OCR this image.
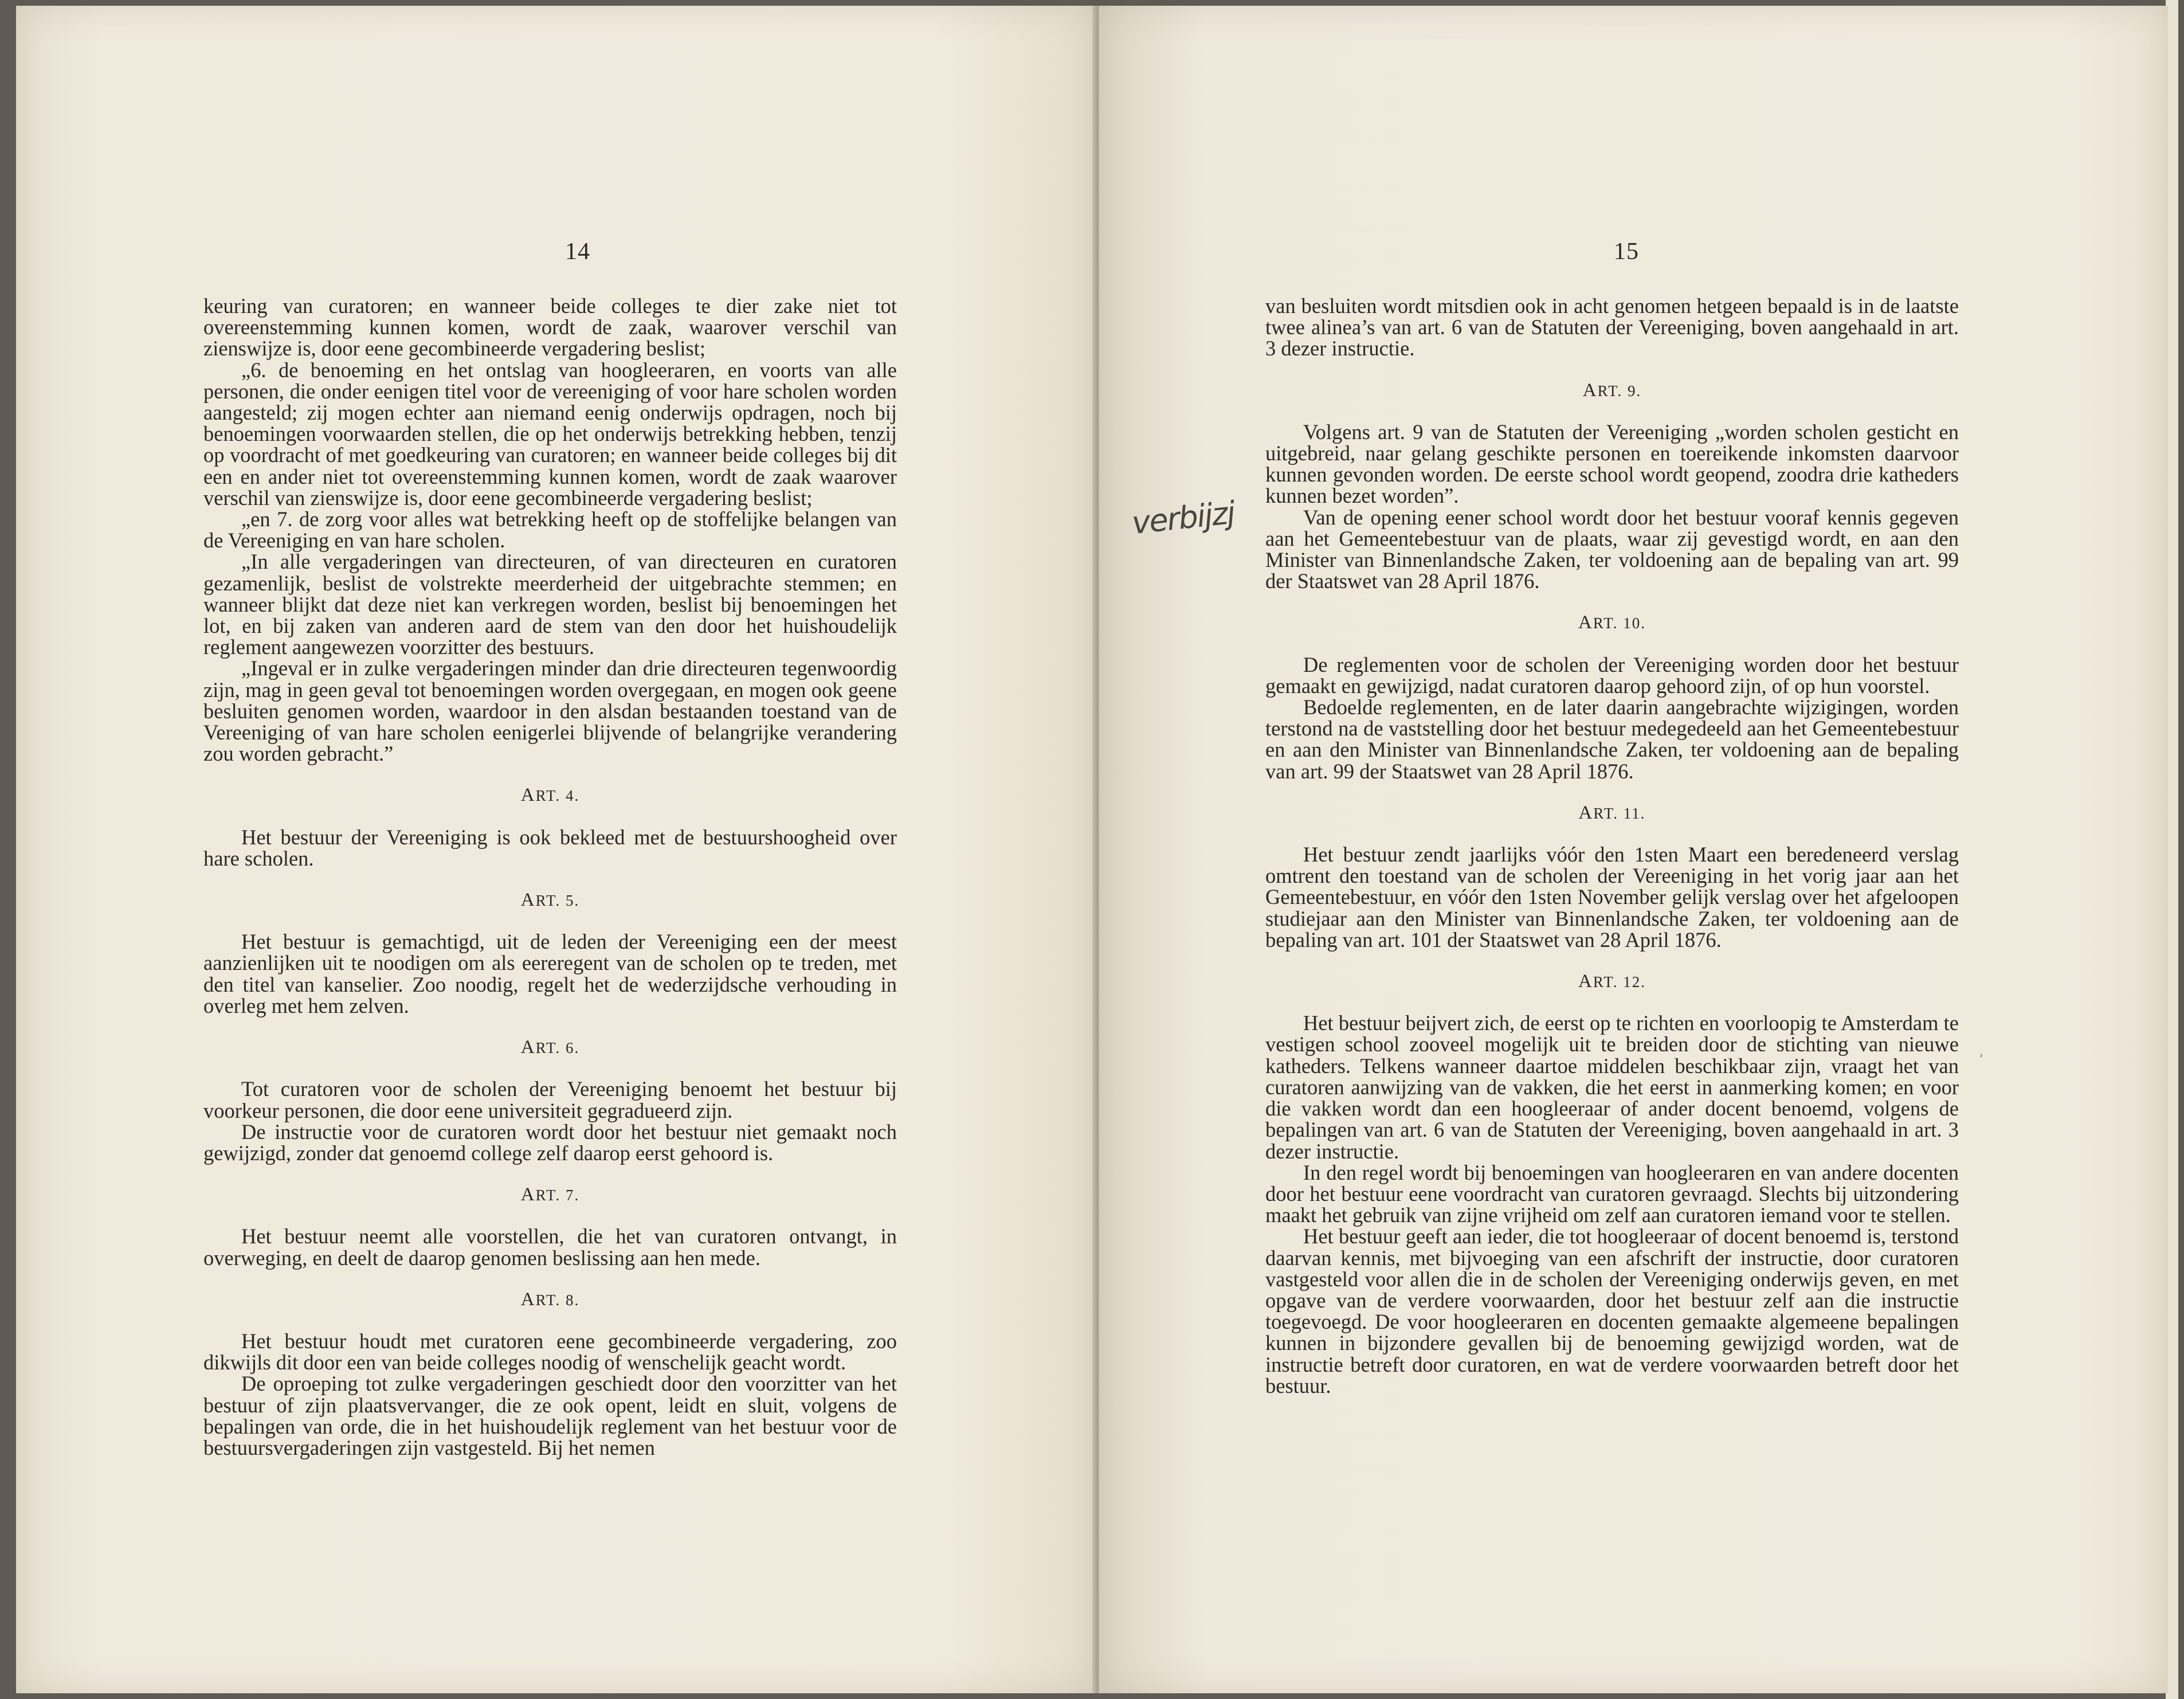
14

keuring van curatoren; en wanneer beide colleges te dier zake niet tot overeenstemming kunnen komen, wordt de zaak, waarover verschil van zienswijze is, door eene gecombineerde vergadering beslist;

„6. de benoeming en het ontslag van hoogleeraren, en voorts van alle personen, die onder eenigen titel voor de vereeniging of voor hare scholen worden aangesteld; zij mogen echter aan niemand eenig onderwijs opdragen, noch bij benoemingen voorwaarden stellen, die op het onderwijs betrekking hebben, tenzij op voordracht of met goedkeuring van curatoren; en wanneer beide colleges bij dit een en ander niet tot overeenstemming kunnen komen, wordt de zaak waarover verschil van zienswijze is, door eene gecombineerde vergadering beslist;

„en 7. de zorg voor alles wat betrekking heeft op de stoffelijke belangen van de Vereeniging en van hare scholen.

„In alle vergaderingen van directeuren, of van directeuren en curatoren gezamenlijk, beslist de volstrekte meerderheid der uitgebrachte stemmen; en wanneer blijkt dat deze niet kan verkregen worden, beslist bij benoemingen het lot, en bij zaken van anderen aard de stem van den door het huishoudelijk reglement aangewezen voorzitter des bestuurs.

„Ingeval er in zulke vergaderingen minder dan drie directeuren tegenwoordig zijn, mag in geen geval tot benoemingen worden overgegaan, en mogen ook geene besluiten genomen worden, waardoor in den alsdan bestaanden toestand van de Vereeniging of van hare scholen eenigerlei blijvende of belangrijke verandering zou worden gebracht.”

ART. 4.

Het bestuur der Vereeniging is ook bekleed met de bestuurshoogheid over hare scholen.

ART. 5.

Het bestuur is gemachtigd, uit de leden der Vereeniging een der meest aanzienlijken uit te noodigen om als eereregent van de scholen op te treden, met den titel van kanselier. Zoo noodig, regelt het de wederzijdsche verhouding in overleg met hem zelven.

ART. 6.

Tot curatoren voor de scholen der Vereeniging benoemt het bestuur bij voorkeur personen, die door eene universiteit gegradueerd zijn.

De instructie voor de curatoren wordt door het bestuur niet gemaakt noch gewijzigd, zonder dat genoemd college zelf daarop eerst gehoord is.

ART. 7.

Het bestuur neemt alle voorstellen, die het van curatoren ontvangt, in overweging, en deelt de daarop genomen beslissing aan hen mede.

ART. 8.

Het bestuur houdt met curatoren eene gecombineerde vergadering, zoo dikwijls dit door een van beide colleges noodig of wenschelijk geacht wordt.

De oproeping tot zulke vergaderingen geschiedt door den voorzitter van het bestuur of zijn plaatsvervanger, die ze ook opent, leidt en sluit, volgens de bepalingen van orde, die in het huishoudelijk reglement van het bestuur voor de bestuursvergaderingen zijn vastgesteld. Bij het nemen

15

van besluiten wordt mitsdien ook in acht genomen hetgeen bepaald is in de laatste twee alinea’s van art. 6 van de Statuten der Vereeniging, boven aangehaald in art. 3 dezer instructie.

ART. 9.

Volgens art. 9 van de Statuten der Vereeniging „worden scholen gesticht en uitgebreid, naar gelang geschikte personen en toereikende inkomsten daarvoor kunnen gevonden worden. De eerste school wordt geopend, zoodra drie katheders kunnen bezet worden”.

Van de opening eener school wordt door het bestuur vooraf kennis gegeven aan het Gemeentebestuur van de plaats, waar zij gevestigd wordt, en aan den Minister van Binnenlandsche Zaken, ter voldoening aan de bepaling van art. 99 der Staatswet van 28 April 1876.

ART. 10.

De reglementen voor de scholen der Vereeniging worden door het bestuur gemaakt en gewijzigd, nadat curatoren daarop gehoord zijn, of op hun voorstel.

Bedoelde reglementen, en de later daarin aangebrachte wijzigingen, worden terstond na de vaststelling door het bestuur medegedeeld aan het Gemeentebestuur en aan den Minister van Binnenlandsche Zaken, ter voldoening aan de bepaling van art. 99 der Staatswet van 28 April 1876.

ART. 11.

Het bestuur zendt jaarlijks vóór den 1sten Maart een beredeneerd verslag omtrent den toestand van de scholen der Vereeniging in het vorig jaar aan het Gemeentebestuur, en vóór den 1sten November gelijk verslag over het afgeloopen studiejaar aan den Minister van Binnenlandsche Zaken, ter voldoening aan de bepaling van art. 101 der Staatswet van 28 April 1876.

ART. 12.

Het bestuur beijvert zich, de eerst op te richten en voorloopig te Amsterdam te vestigen school zooveel mogelijk uit te breiden door de stichting van nieuwe katheders. Telkens wanneer daartoe middelen beschikbaar zijn, vraagt het van curatoren aanwijzing van de vakken, die het eerst in aanmerking komen; en voor die vakken wordt dan een hoogleeraar of ander docent benoemd, volgens de bepalingen van art. 6 van de Statuten der Vereeniging, boven aangehaald in art. 3 dezer instructie.

In den regel wordt bij benoemingen van hoogleeraren en van andere docenten door het bestuur eene voordracht van curatoren gevraagd. Slechts bij uitzondering maakt het gebruik van zijne vrijheid om zelf aan curatoren iemand voor te stellen.

Het bestuur geeft aan ieder, die tot hoogleeraar of docent benoemd is, terstond daarvan kennis, met bijvoeging van een afschrift der instructie, door curatoren vastgesteld voor allen die in de scholen der Vereeniging onderwijs geven, en met opgave van de verdere voorwaarden, door het bestuur zelf aan die instructie toegevoegd. De voor hoogleeraren en docenten gemaakte algemeene bepalingen kunnen in bijzondere gevallen bij de benoeming gewijzigd worden, wat de instructie betreft door curatoren, en wat de verdere voorwaarden betreft door het bestuur.

verbijzj
˒
